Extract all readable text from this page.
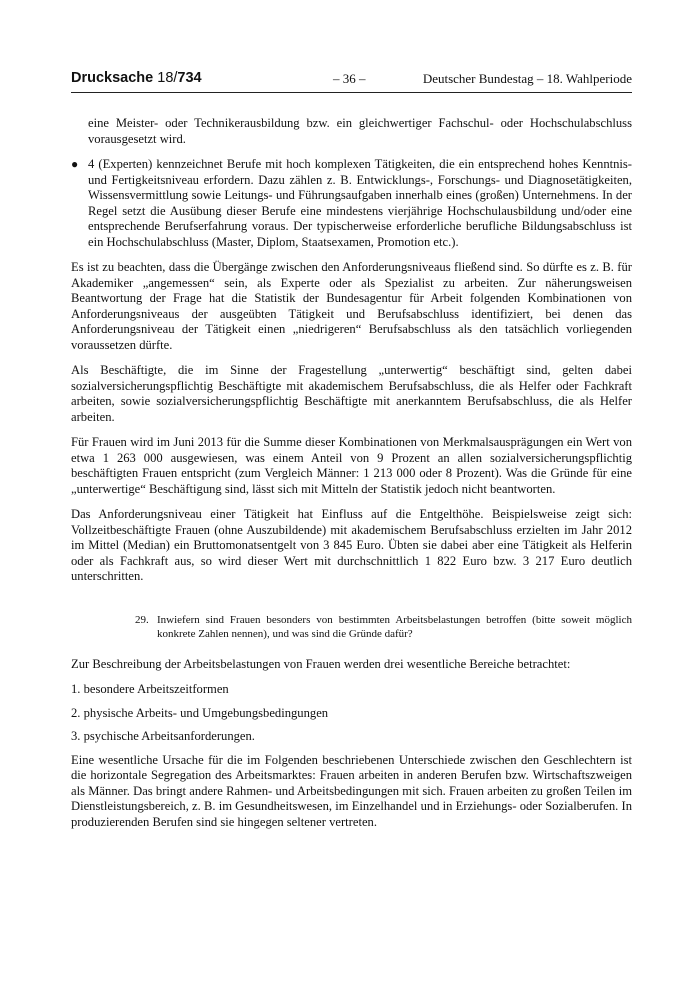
Drucksache 18/734	– 36 –	Deutscher Bundestag – 18. Wahlperiode

eine Meister- oder Technikerausbildung bzw. ein gleichwertiger Fachschul- oder Hochschulabschluss vorausgesetzt wird.

● 4 (Experten) kennzeichnet Berufe mit hoch komplexen Tätigkeiten, die ein entsprechend hohes Kenntnis- und Fertigkeitsniveau erfordern. Dazu zählen z. B. Entwicklungs-, Forschungs- und Diagnosetätigkeiten, Wissensvermittlung sowie Leitungs- und Führungsaufgaben innerhalb eines (großen) Unternehmens. In der Regel setzt die Ausübung dieser Berufe eine mindestens vierjährige Hochschulausbildung und/oder eine entsprechende Berufserfahrung voraus. Der typischerweise erforderliche berufliche Bildungsabschluss ist ein Hochschulabschluss (Master, Diplom, Staatsexamen, Promotion etc.).

Es ist zu beachten, dass die Übergänge zwischen den Anforderungsniveaus fließend sind. So dürfte es z. B. für Akademiker „angemessen“ sein, als Experte oder als Spezialist zu arbeiten. Zur näherungsweisen Beantwortung der Frage hat die Statistik der Bundesagentur für Arbeit folgenden Kombinationen von Anforderungsniveaus der ausgeübten Tätigkeit und Berufsabschluss identifiziert, bei denen das Anforderungsniveau der Tätigkeit einen „niedrigeren“ Berufsabschluss als den tatsächlich vorliegenden voraussetzen dürfte.

Als Beschäftigte, die im Sinne der Fragestellung „unterwertig“ beschäftigt sind, gelten dabei sozialversicherungspflichtig Beschäftigte mit akademischem Berufsabschluss, die als Helfer oder Fachkraft arbeiten, sowie sozialversicherungspflichtig Beschäftigte mit anerkanntem Berufsabschluss, die als Helfer arbeiten.

Für Frauen wird im Juni 2013 für die Summe dieser Kombinationen von Merkmalsausprägungen ein Wert von etwa 1 263 000 ausgewiesen, was einem Anteil von 9 Prozent an allen sozialversicherungspflichtig beschäftigten Frauen entspricht (zum Vergleich Männer: 1 213 000 oder 8 Prozent). Was die Gründe für eine „unterwertige“ Beschäftigung sind, lässt sich mit Mitteln der Statistik jedoch nicht beantworten.

Das Anforderungsniveau einer Tätigkeit hat Einfluss auf die Entgelthöhe. Beispielsweise zeigt sich: Vollzeitbeschäftigte Frauen (ohne Auszubildende) mit akademischem Berufsabschluss erzielten im Jahr 2012 im Mittel (Median) ein Bruttomonatsentgelt von 3 845 Euro. Übten sie dabei aber eine Tätigkeit als Helferin oder als Fachkraft aus, so wird dieser Wert mit durchschnittlich 1 822 Euro bzw. 3 217 Euro deutlich unterschritten.

29. Inwiefern sind Frauen besonders von bestimmten Arbeitsbelastungen betroffen (bitte soweit möglich konkrete Zahlen nennen), und was sind die Gründe dafür?

Zur Beschreibung der Arbeitsbelastungen von Frauen werden drei wesentliche Bereiche betrachtet:

1. besondere Arbeitszeitformen
2. physische Arbeits- und Umgebungsbedingungen
3. psychische Arbeitsanforderungen.

Eine wesentliche Ursache für die im Folgenden beschriebenen Unterschiede zwischen den Geschlechtern ist die horizontale Segregation des Arbeitsmarktes: Frauen arbeiten in anderen Berufen bzw. Wirtschaftszweigen als Männer. Das bringt andere Rahmen- und Arbeitsbedingungen mit sich. Frauen arbeiten zu großen Teilen im Dienstleistungsbereich, z. B. im Gesundheitswesen, im Einzelhandel und in Erziehungs- oder Sozialberufen. In produzierenden Berufen sind sie hingegen seltener vertreten.
